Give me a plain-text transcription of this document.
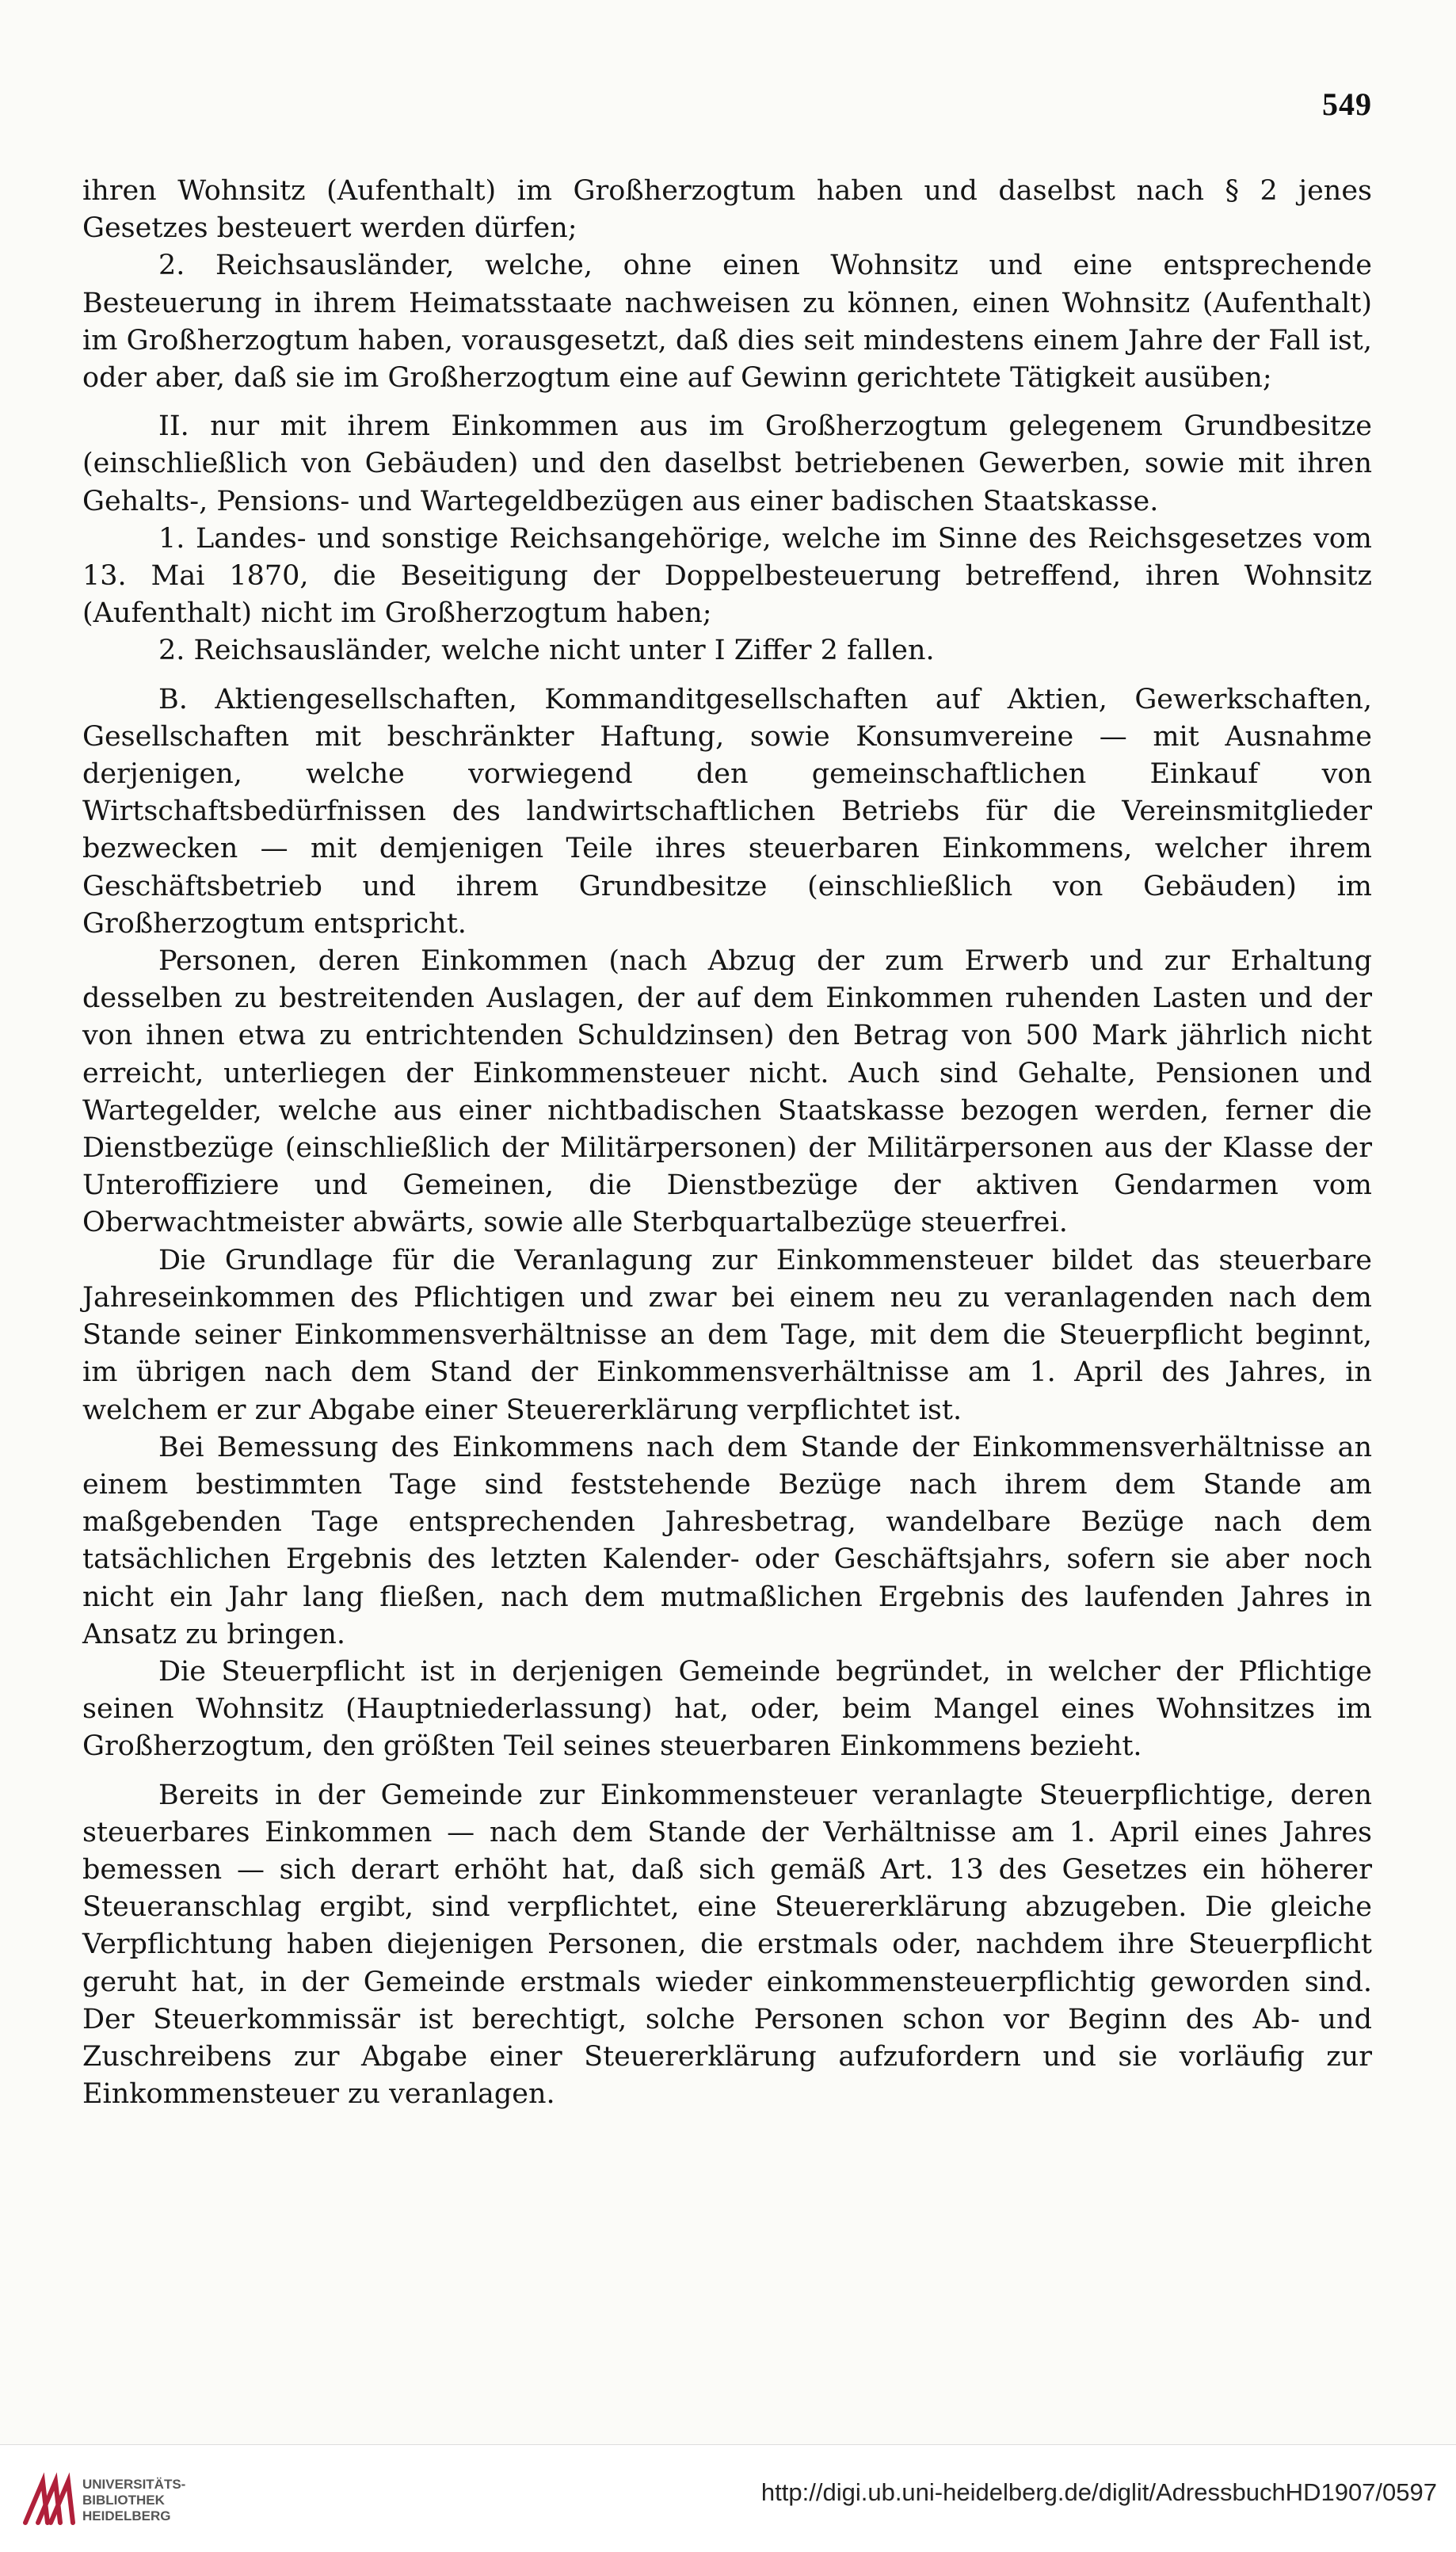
549

ihren Wohnsitz (Aufenthalt) im Großherzogtum haben und daselbst nach § 2 jenes Gesetzes besteuert werden dürfen;

2. Reichsausländer, welche, ohne einen Wohnsitz und eine entsprechende Besteuerung in ihrem Heimatsstaate nachweisen zu können, einen Wohnsitz (Aufenthalt) im Großherzogtum haben, vorausgesetzt, daß dies seit mindestens einem Jahre der Fall ist, oder aber, daß sie im Großherzogtum eine auf Gewinn gerichtete Tätigkeit ausüben;

II. nur mit ihrem Einkommen aus im Großherzogtum gelegenem Grundbesitze (einschließlich von Gebäuden) und den daselbst betriebenen Gewerben, sowie mit ihren Gehalts-, Pensions- und Wartegeldbezügen aus einer badischen Staatskasse.

1. Landes- und sonstige Reichsangehörige, welche im Sinne des Reichsgesetzes vom 13. Mai 1870, die Beseitigung der Doppelbesteuerung betreffend, ihren Wohnsitz (Aufenthalt) nicht im Großherzogtum haben;

2. Reichsausländer, welche nicht unter I Ziffer 2 fallen.

B. Aktiengesellschaften, Kommanditgesellschaften auf Aktien, Gewerkschaften, Gesellschaften mit beschränkter Haftung, sowie Konsumvereine — mit Ausnahme derjenigen, welche vorwiegend den gemeinschaftlichen Einkauf von Wirtschaftsbedürfnissen des landwirtschaftlichen Betriebs für die Vereinsmitglieder bezwecken — mit demjenigen Teile ihres steuerbaren Einkommens, welcher ihrem Geschäftsbetrieb und ihrem Grundbesitze (einschließlich von Gebäuden) im Großherzogtum entspricht.

Personen, deren Einkommen (nach Abzug der zum Erwerb und zur Erhaltung desselben zu bestreitenden Auslagen, der auf dem Einkommen ruhenden Lasten und der von ihnen etwa zu entrichtenden Schuldzinsen) den Betrag von 500 Mark jährlich nicht erreicht, unterliegen der Einkommensteuer nicht. Auch sind Gehalte, Pensionen und Wartegelder, welche aus einer nichtbadischen Staatskasse bezogen werden, ferner die Dienstbezüge (einschließlich der Militärpersonen) der Militärpersonen aus der Klasse der Unteroffiziere und Gemeinen, die Dienstbezüge der aktiven Gendarmen vom Oberwachtmeister abwärts, sowie alle Sterbquartalbezüge steuerfrei.

Die Grundlage für die Veranlagung zur Einkommensteuer bildet das steuerbare Jahreseinkommen des Pflichtigen und zwar bei einem neu zu veranlagenden nach dem Stande seiner Einkommensverhältnisse an dem Tage, mit dem die Steuerpflicht beginnt, im übrigen nach dem Stand der Einkommensverhältnisse am 1. April des Jahres, in welchem er zur Abgabe einer Steuererklärung verpflichtet ist.

Bei Bemessung des Einkommens nach dem Stande der Einkommensverhältnisse an einem bestimmten Tage sind feststehende Bezüge nach ihrem dem Stande am maßgebenden Tage entsprechenden Jahresbetrag, wandelbare Bezüge nach dem tatsächlichen Ergebnis des letzten Kalender- oder Geschäftsjahrs, sofern sie aber noch nicht ein Jahr lang fließen, nach dem mutmaßlichen Ergebnis des laufenden Jahres in Ansatz zu bringen.

Die Steuerpflicht ist in derjenigen Gemeinde begründet, in welcher der Pflichtige seinen Wohnsitz (Hauptniederlassung) hat, oder, beim Mangel eines Wohnsitzes im Großherzogtum, den größten Teil seines steuerbaren Einkommens bezieht.

Bereits in der Gemeinde zur Einkommensteuer veranlagte Steuerpflichtige, deren steuerbares Einkommen — nach dem Stande der Verhältnisse am 1. April eines Jahres bemessen — sich derart erhöht hat, daß sich gemäß Art. 13 des Gesetzes ein höherer Steueranschlag ergibt, sind verpflichtet, eine Steuererklärung abzugeben. Die gleiche Verpflichtung haben diejenigen Personen, die erstmals oder, nachdem ihre Steuerpflicht geruht hat, in der Gemeinde erstmals wieder einkommensteuerpflichtig geworden sind. Der Steuerkommissär ist berechtigt, solche Personen schon vor Beginn des Ab- und Zuschreibens zur Abgabe einer Steuererklärung aufzufordern und sie vorläufig zur Einkommensteuer zu veranlagen.

UNIVERSITÄTS-
BIBLIOTHEK
HEIDELBERG
http://digi.ub.uni-heidelberg.de/diglit/AdressbuchHD1907/0597
